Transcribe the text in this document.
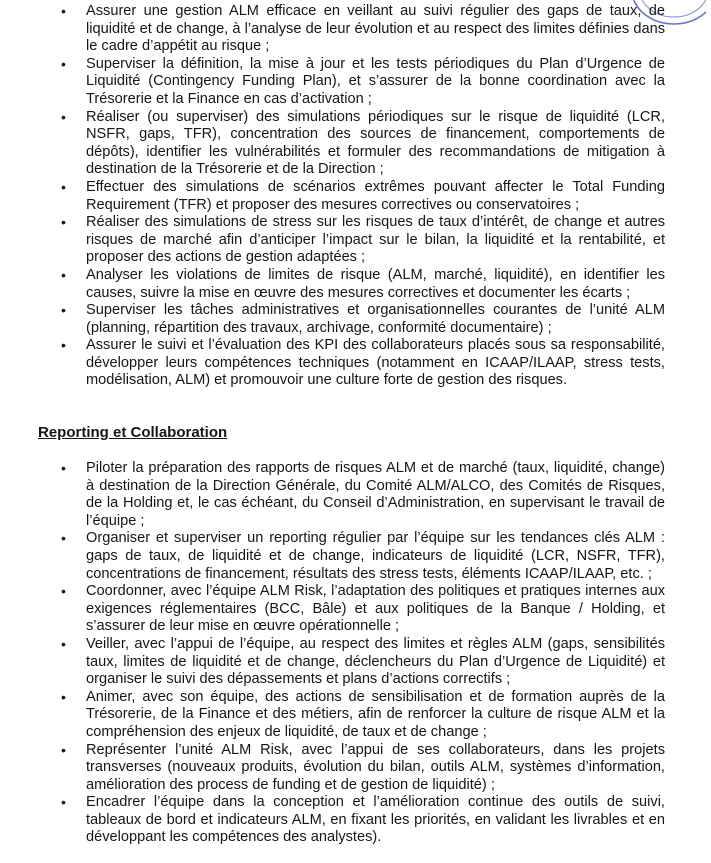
• Assurer une gestion ALM efficace en veillant au suivi régulier des gaps de taux, de liquidité et de change, à l’analyse de leur évolution et au respect des limites définies dans le cadre d’appétit au risque ;
• Superviser la définition, la mise à jour et les tests périodiques du Plan d’Urgence de Liquidité (Contingency Funding Plan), et s’assurer de la bonne coordination avec la Trésorerie et la Finance en cas d’activation ;
• Réaliser (ou superviser) des simulations périodiques sur le risque de liquidité (LCR, NSFR, gaps, TFR), concentration des sources de financement, comportements de dépôts), identifier les vulnérabilités et formuler des recommandations de mitigation à destination de la Trésorerie et de la Direction ;
• Effectuer des simulations de scénarios extrêmes pouvant affecter le Total Funding Requirement (TFR) et proposer des mesures correctives ou conservatoires ;
• Réaliser des simulations de stress sur les risques de taux d’intérêt, de change et autres risques de marché afin d’anticiper l’impact sur le bilan, la liquidité et la rentabilité, et proposer des actions de gestion adaptées ;
• Analyser les violations de limites de risque (ALM, marché, liquidité), en identifier les causes, suivre la mise en œuvre des mesures correctives et documenter les écarts ;
• Superviser les tâches administratives et organisationnelles courantes de l’unité ALM (planning, répartition des travaux, archivage, conformité documentaire) ;
• Assurer le suivi et l’évaluation des KPI des collaborateurs placés sous sa responsabilité, développer leurs compétences techniques (notamment en ICAAP/ILAAP, stress tests, modélisation, ALM) et promouvoir une culture forte de gestion des risques.
Reporting et Collaboration
• Piloter la préparation des rapports de risques ALM et de marché (taux, liquidité, change) à destination de la Direction Générale, du Comité ALM/ALCO, des Comités de Risques, de la Holding et, le cas échéant, du Conseil d’Administration, en supervisant le travail de l’équipe ;
• Organiser et superviser un reporting régulier par l’équipe sur les tendances clés ALM : gaps de taux, de liquidité et de change, indicateurs de liquidité (LCR, NSFR, TFR), concentrations de financement, résultats des stress tests, éléments ICAAP/ILAAP, etc. ;
• Coordonner, avec l’équipe ALM Risk, l’adaptation des politiques et pratiques internes aux exigences réglementaires (BCC, Bâle) et aux politiques de la Banque / Holding, et s’assurer de leur mise en œuvre opérationnelle ;
• Veiller, avec l’appui de l’équipe, au respect des limites et règles ALM (gaps, sensibilités taux, limites de liquidité et de change, déclencheurs du Plan d’Urgence de Liquidité) et organiser le suivi des dépassements et plans d’actions correctifs ;
• Animer, avec son équipe, des actions de sensibilisation et de formation auprès de la Trésorerie, de la Finance et des métiers, afin de renforcer la culture de risque ALM et la compréhension des enjeux de liquidité, de taux et de change ;
• Représenter l’unité ALM Risk, avec l’appui de ses collaborateurs, dans les projets transverses (nouveaux produits, évolution du bilan, outils ALM, systèmes d’information, amélioration des process de funding et de gestion de liquidité) ;
• Encadrer l’équipe dans la conception et l’amélioration continue des outils de suivi, tableaux de bord et indicateurs ALM, en fixant les priorités, en validant les livrables et en développant les compétences des analystes).
